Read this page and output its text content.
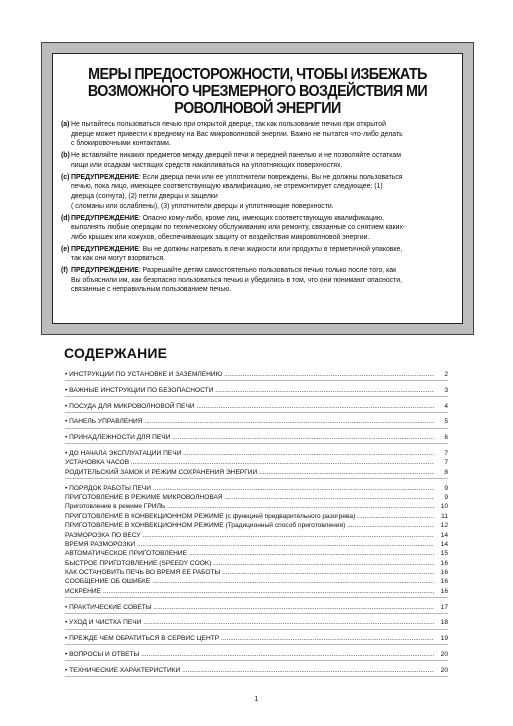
МЕРЫ ПРЕДОСТОРОЖНОСТИ, ЧТОБЫ ИЗБЕЖАТЬ
ВОЗМОЖНОГО ЧРЕЗМЕРНОГО ВОЗДЕЙСТВИЯ МИ
РОВОЛНОВОЙ ЭНЕРГИИ
(a) Не пытайтесь пользоваться печью при открытой дверце, так как пользование печью при открытой
дверце может привести к вредному на Вас микроволновой энергии. Важно не пытатся что-либо делать
с блокировочными контактами.
(b) Не вставляйте никаких предметов между дверцей печи и передней панелью и не позволяйте остаткам
пищи или осадкам чистящих средств накапливаться на уплотняющих поверхностях.
(c) ПРЕДУПРЕЖДЕНИЕ: Если дверца печи или ее уплотнители повреждены, Вы не должны пользоваться
печью, пока лицо, имеющее соответствующую квалификацию, не отремонтирует следующее: (1)
дверца (согнута), (2) петли дверцы и защелки
( сломаны или ослаблены), (3) уплотнители дверцы и уплотняющие поверхности.
(d) ПРЕДУПРЕЖДЕНИЕ: Опасно кому-либо, кроме лиц, имеющих соответствующую квалификацию,
выполнять любые операции по техническому обслуживанию или ремонту, связанные со снятием каких-
либо крышек или кожухов, обеспечивающих защиту от воздействия микроволновой энергии.
(e) ПРЕДУПРЕЖДЕНИЕ: Вы не должны нагревать в печи жидкости или продукты в герметичной упаковке,
так как они могут взорваться.
(f) ПРЕДУПРЕЖДЕНИЕ: Разрешайте детям самостоятельно пользоваться печью только после того, как
Вы объяснили им, как безопасно пользоваться печью и убедились в том, что они понимают опасности,
связанные с неправильным пользованием печью.
СОДЕРЖАНИЕ
• ИНСТРУКЦИИ ПО УСТАНОВКЕ И ЗАЗЕМЛЕНИЮ .....	2
• ВАЖНЫЕ ИНСТРУКЦИИ ПО БЕЗОПАСНОСТИ .....	3
• ПОСУДА ДЛЯ МИКРОВОЛНОВОЙ ПЕЧИ .....	4
• ПАНЕЛЬ УПРАВЛЕНИЯ .....	5
• ПРИНАДЛЕЖНОСТИ ДЛЯ ПЕЧИ .....	6
• ДО НАЧАЛА ЭКСПЛУАТАЦИИ ПЕЧИ .....	7
УСТАНОВКА ЧАСОВ .....	7
РОДИТЕЛЬСКИЙ ЗАМОК И РЕЖИМ СОХРАНЕНИЯ ЭНЕРГИИ .....	8
• ПОРЯДОК РАБОТЫ ПЕЧИ .....	9
ПРИГОТОВЛЕНИЕ В РЕЖИМЕ МИКРОВОЛНОВАЯ .....	9
Приготовление в режиме ГРИЛЬ .....	10
ПРИГОТОВЛЕНИЕ В КОНВЕКЦИОННОМ РЕЖИМЕ (с функцией предварительного разогрева) .....	11
ПРИГОТОВЛЕНИЕ В КОНВЕКЦИОННОМ РЕЖИМЕ (Традиционный способ приготовления) .....	12
РАЗМОРОЗКА ПО ВЕСУ .....	14
ВРЕМЯ РАЗМОРОЗКИ .....	14
АВТОМАТИЧЕСКОЕ ПРИГОТОВЛЕНИЕ .....	15
БЫСТРОЕ ПРИГОТОВЛЕНИЕ (SPEEDY COOK) .....	16
КАК ОСТАНОВИТЬ ПЕЧЬ ВО ВРЕМЯ ЕЕ РАБОТЫ .....	16
СООБЩЕНИЕ ОБ ОШИБКЕ .....	16
ИСКРЕНИЕ .....	16
• ПРАКТИЧЕСКИЕ СОВЕТЫ .....	17
• УХОД И ЧИСТКА ПЕЧИ .....	18
• ПРЕЖДЕ ЧЕМ ОБРАТИТЬСЯ В СЕРВИС ЦЕНТР .....	19
• ВОПРОСЫ И ОТВЕТЫ .....	20
• ТЕХНИЧЕСКИЕ ХАРАКТЕРИСТИКИ .....	20
1
